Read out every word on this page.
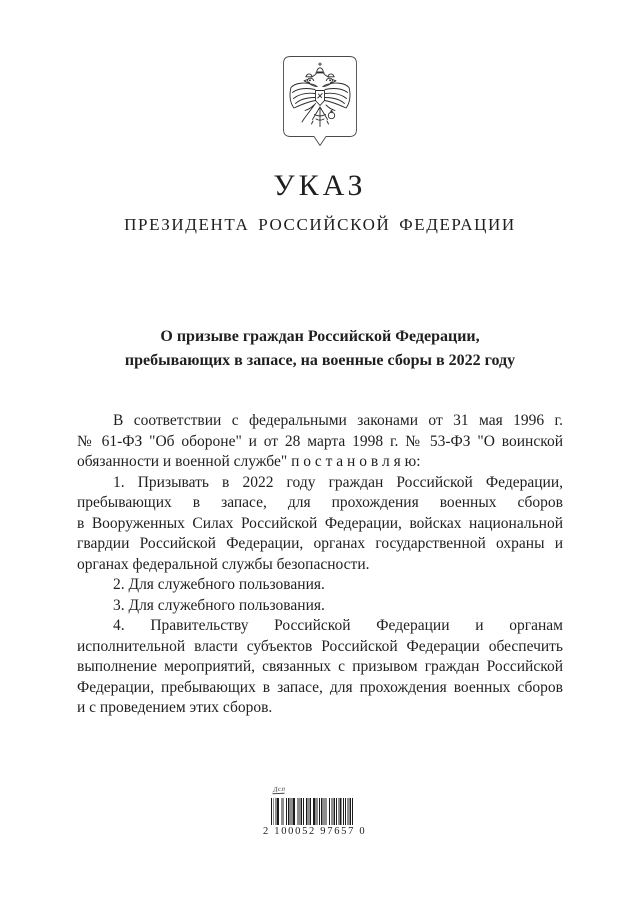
УКАЗ
ПРЕЗИДЕНТА РОССИЙСКОЙ ФЕДЕРАЦИИ
О призыве граждан Российской Федерации,
пребывающих в запасе, на военные сборы в 2022 году
В соответствии с федеральными законами от 31 мая 1996 г.
№ 61-ФЗ "Об обороне" и от 28 марта 1998 г. № 53-ФЗ "О воинской
обязанности и военной службе" п о с т а н о в л я ю:
1. Призывать в 2022 году граждан Российской Федерации,
пребывающих в запасе, для прохождения военных сборов
в Вооруженных Силах Российской Федерации, войсках национальной
гвардии Российской Федерации, органах государственной охраны и
органах федеральной службы безопасности.
2. Для служебного пользования.
3. Для служебного пользования.
4. Правительству Российской Федерации и органам
исполнительной власти субъектов Российской Федерации обеспечить
выполнение мероприятий, связанных с призывом граждан Российской
Федерации, пребывающих в запасе, для прохождения военных сборов
и с проведением этих сборов.
Дсп
2 100052 97657 0
